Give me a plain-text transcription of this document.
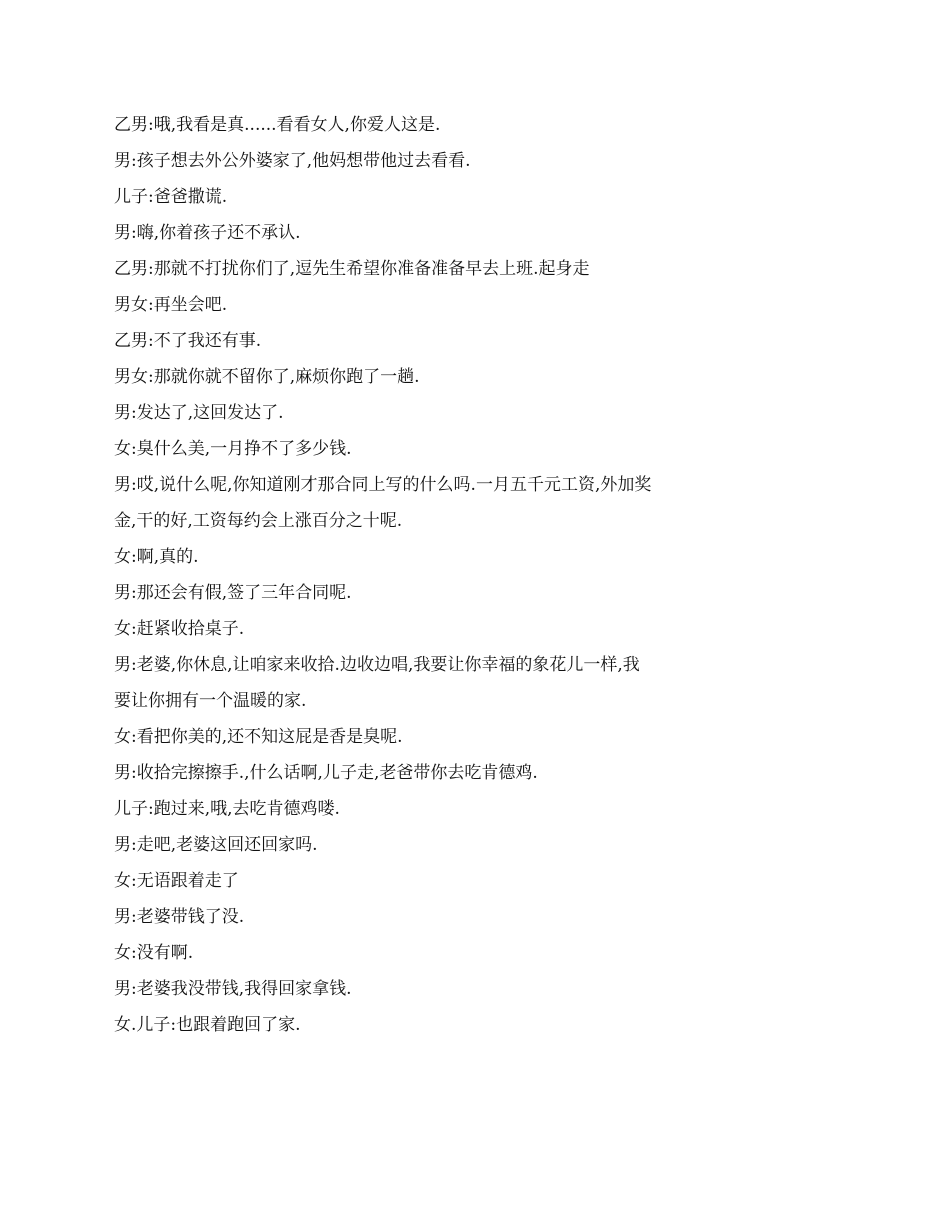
乙男:哦,我看是真......看看女人,你爱人这是.
男:孩子想去外公外婆家了,他妈想带他过去看看.
儿子:爸爸撒谎.
男:嗨,你着孩子还不承认.
乙男:那就不打扰你们了,逗先生希望你准备准备早去上班.起身走
男女:再坐会吧.
乙男:不了我还有事.
男女:那就你就不留你了,麻烦你跑了一趟.
男:发达了,这回发达了.
女:臭什么美,一月挣不了多少钱.
男:哎,说什么呢,你知道刚才那合同上写的什么吗.一月五千元工资,外加奖
金,干的好,工资每约会上涨百分之十呢.
女:啊,真的.
男:那还会有假,签了三年合同呢.
女:赶紧收拾桌子.
男:老婆,你休息,让咱家来收拾.边收边唱,我要让你幸福的象花儿一样,我
要让你拥有一个温暖的家.
女:看把你美的,还不知这屁是香是臭呢.
男:收拾完擦擦手.,什么话啊,儿子走,老爸带你去吃肯德鸡.
儿子:跑过来,哦,去吃肯德鸡喽.
男:走吧,老婆这回还回家吗.
女:无语跟着走了
男:老婆带钱了没.
女:没有啊.
男:老婆我没带钱,我得回家拿钱.
女.儿子:也跟着跑回了家.
